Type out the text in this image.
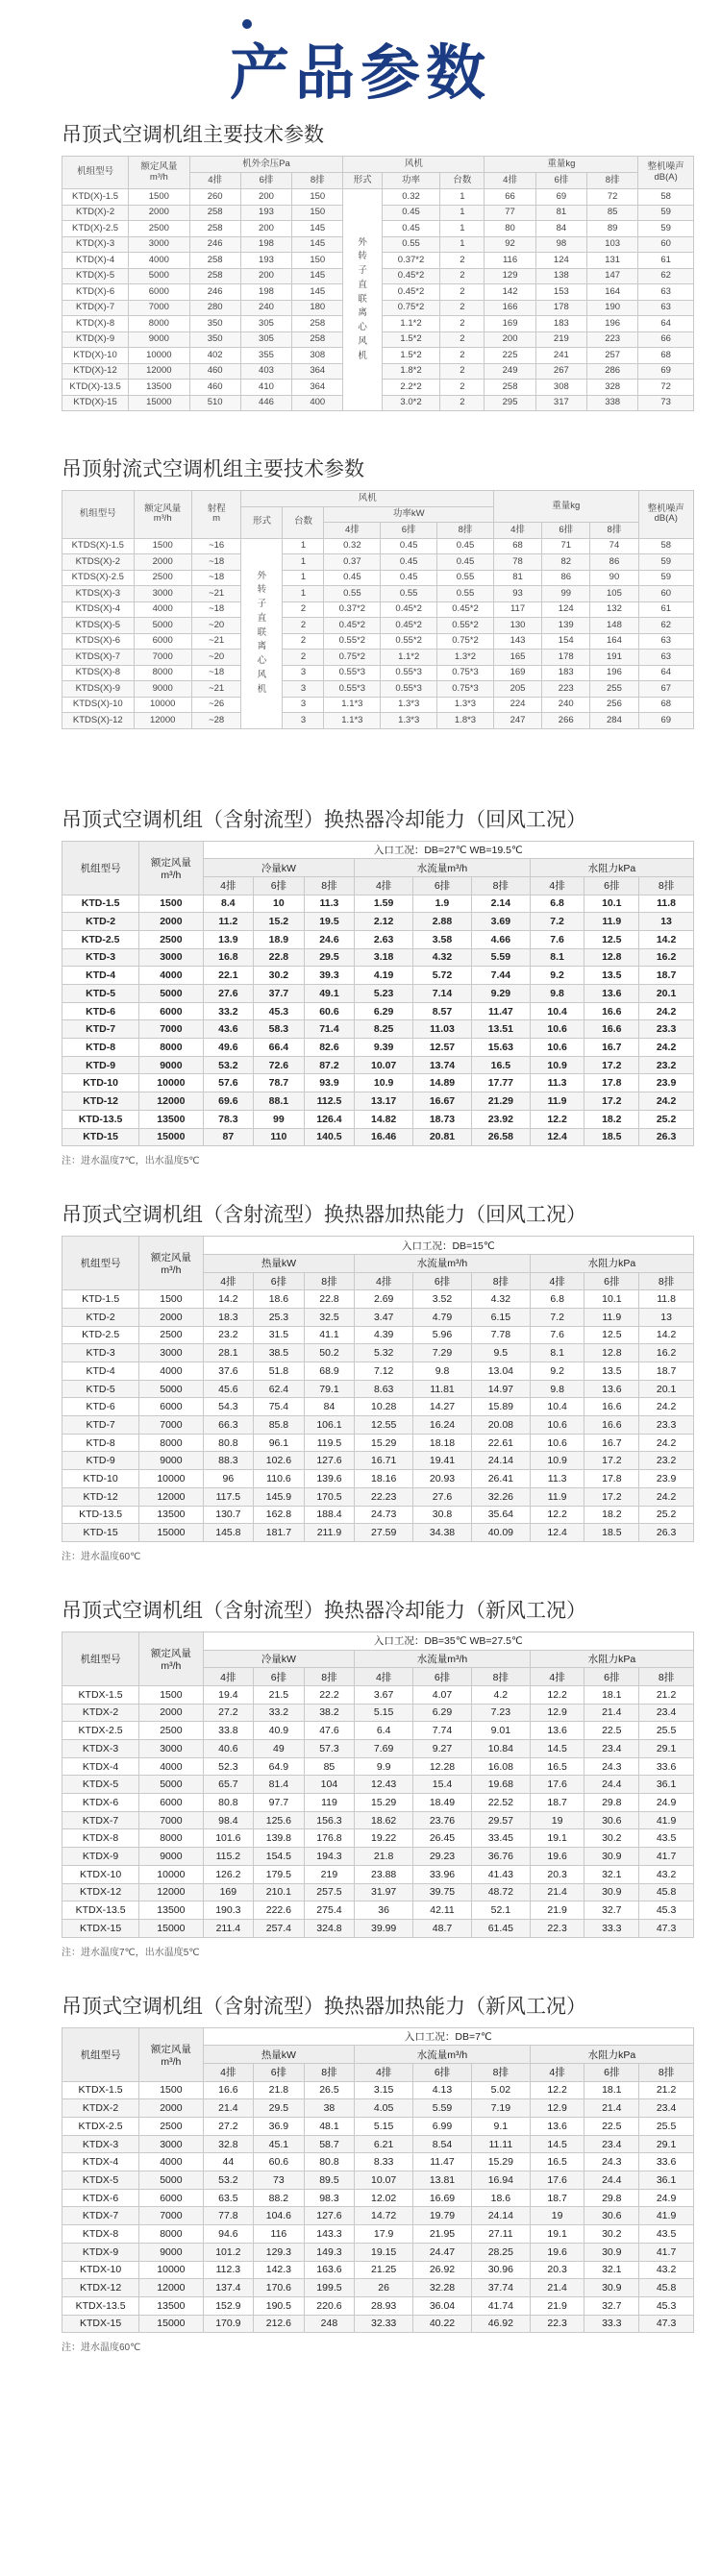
产品参数
吊顶式空调机组主要技术参数
机组型号	额定风量
m³/h	机外余压Pa			风机			重量kg			整机噪声
dB(A)
		4排	6排	8排	形式	功率	台数	4排	6排	8排	
KTD(X)-1.5	1500	260	200	150	外转子直联离心风机	0.32	1	66	69	72	58
KTD(X)-2	2000	258	193	150		0.45	1	77	81	85	59
KTD(X)-2.5	2500	258	200	145		0.45	1	80	84	89	59
KTD(X)-3	3000	246	198	145		0.55	1	92	98	103	60
KTD(X)-4	4000	258	193	150		0.37*2	2	116	124	131	61
KTD(X)-5	5000	258	200	145		0.45*2	2	129	138	147	62
KTD(X)-6	6000	246	198	145		0.45*2	2	142	153	164	63
KTD(X)-7	7000	280	240	180		0.75*2	2	166	178	190	63
KTD(X)-8	8000	350	305	258		1.1*2	2	169	183	196	64
KTD(X)-9	9000	350	305	258		1.5*2	2	200	219	223	66
KTD(X)-10	10000	402	355	308		1.5*2	2	225	241	257	68
KTD(X)-12	12000	460	403	364		1.8*2	2	249	267	286	69
KTD(X)-13.5	13500	460	410	364		2.2*2	2	258	308	328	72
KTD(X)-15	15000	510	446	400		3.0*2	2	295	317	338	73
吊顶射流式空调机组主要技术参数
机组型号	额定风量
m³/h	射程
m	风机					重量kg			整机噪声
dB(A)
			形式	台数	功率kW						
					4排	6排	8排	4排	6排	8排	
KTDS(X)-1.5	1500	~16	外转子直联离心风机	1	0.32	0.45	0.45	68	71	74	58
KTDS(X)-2	2000	~18		1	0.37	0.45	0.45	78	82	86	59
KTDS(X)-2.5	2500	~18		1	0.45	0.45	0.55	81	86	90	59
KTDS(X)-3	3000	~21		1	0.55	0.55	0.55	93	99	105	60
KTDS(X)-4	4000	~18		2	0.37*2	0.45*2	0.45*2	117	124	132	61
KTDS(X)-5	5000	~20		2	0.45*2	0.45*2	0.55*2	130	139	148	62
KTDS(X)-6	6000	~21		2	0.55*2	0.55*2	0.75*2	143	154	164	63
KTDS(X)-7	7000	~20		2	0.75*2	1.1*2	1.3*2	165	178	191	63
KTDS(X)-8	8000	~18		3	0.55*3	0.55*3	0.75*3	169	183	196	64
KTDS(X)-9	9000	~21		3	0.55*3	0.55*3	0.75*3	205	223	255	67
KTDS(X)-10	10000	~26		3	1.1*3	1.3*3	1.3*3	224	240	256	68
KTDS(X)-12	12000	~28		3	1.1*3	1.3*3	1.8*3	247	266	284	69
吊顶式空调机组（含射流型）换热器冷却能力（回风工况）
机组型号	额定风量
m³/h	入口工况：DB=27℃ WB=19.5℃								
		冷量kW			水流量m³/h			水阻力kPa		
		4排	6排	8排	4排	6排	8排	4排	6排	8排
KTD-1.5	1500	8.4	10	11.3	1.59	1.9	2.14	6.8	10.1	11.8
KTD-2	2000	11.2	15.2	19.5	2.12	2.88	3.69	7.2	11.9	13
KTD-2.5	2500	13.9	18.9	24.6	2.63	3.58	4.66	7.6	12.5	14.2
KTD-3	3000	16.8	22.8	29.5	3.18	4.32	5.59	8.1	12.8	16.2
KTD-4	4000	22.1	30.2	39.3	4.19	5.72	7.44	9.2	13.5	18.7
KTD-5	5000	27.6	37.7	49.1	5.23	7.14	9.29	9.8	13.6	20.1
KTD-6	6000	33.2	45.3	60.6	6.29	8.57	11.47	10.4	16.6	24.2
KTD-7	7000	43.6	58.3	71.4	8.25	11.03	13.51	10.6	16.6	23.3
KTD-8	8000	49.6	66.4	82.6	9.39	12.57	15.63	10.6	16.7	24.2
KTD-9	9000	53.2	72.6	87.2	10.07	13.74	16.5	10.9	17.2	23.2
KTD-10	10000	57.6	78.7	93.9	10.9	14.89	17.77	11.3	17.8	23.9
KTD-12	12000	69.6	88.1	112.5	13.17	16.67	21.29	11.9	17.2	24.2
KTD-13.5	13500	78.3	99	126.4	14.82	18.73	23.92	12.2	18.2	25.2
KTD-15	15000	87	110	140.5	16.46	20.81	26.58	12.4	18.5	26.3
注：进水温度7℃，出水温度5℃
吊顶式空调机组（含射流型）换热器加热能力（回风工况）
机组型号	额定风量
m³/h	入口工况：DB=15℃								
		热量kW			水流量m³/h			水阻力kPa		
		4排	6排	8排	4排	6排	8排	4排	6排	8排
KTD-1.5	1500	14.2	18.6	22.8	2.69	3.52	4.32	6.8	10.1	11.8
KTD-2	2000	18.3	25.3	32.5	3.47	4.79	6.15	7.2	11.9	13
KTD-2.5	2500	23.2	31.5	41.1	4.39	5.96	7.78	7.6	12.5	14.2
KTD-3	3000	28.1	38.5	50.2	5.32	7.29	9.5	8.1	12.8	16.2
KTD-4	4000	37.6	51.8	68.9	7.12	9.8	13.04	9.2	13.5	18.7
KTD-5	5000	45.6	62.4	79.1	8.63	11.81	14.97	9.8	13.6	20.1
KTD-6	6000	54.3	75.4	84	10.28	14.27	15.89	10.4	16.6	24.2
KTD-7	7000	66.3	85.8	106.1	12.55	16.24	20.08	10.6	16.6	23.3
KTD-8	8000	80.8	96.1	119.5	15.29	18.18	22.61	10.6	16.7	24.2
KTD-9	9000	88.3	102.6	127.6	16.71	19.41	24.14	10.9	17.2	23.2
KTD-10	10000	96	110.6	139.6	18.16	20.93	26.41	11.3	17.8	23.9
KTD-12	12000	117.5	145.9	170.5	22.23	27.6	32.26	11.9	17.2	24.2
KTD-13.5	13500	130.7	162.8	188.4	24.73	30.8	35.64	12.2	18.2	25.2
KTD-15	15000	145.8	181.7	211.9	27.59	34.38	40.09	12.4	18.5	26.3
注：进水温度60℃
吊顶式空调机组（含射流型）换热器冷却能力（新风工况）
机组型号	额定风量
m³/h	入口工况：DB=35℃ WB=27.5℃								
		冷量kW			水流量m³/h			水阻力kPa		
		4排	6排	8排	4排	6排	8排	4排	6排	8排
KTDX-1.5	1500	19.4	21.5	22.2	3.67	4.07	4.2	12.2	18.1	21.2
KTDX-2	2000	27.2	33.2	38.2	5.15	6.29	7.23	12.9	21.4	23.4
KTDX-2.5	2500	33.8	40.9	47.6	6.4	7.74	9.01	13.6	22.5	25.5
KTDX-3	3000	40.6	49	57.3	7.69	9.27	10.84	14.5	23.4	29.1
KTDX-4	4000	52.3	64.9	85	9.9	12.28	16.08	16.5	24.3	33.6
KTDX-5	5000	65.7	81.4	104	12.43	15.4	19.68	17.6	24.4	36.1
KTDX-6	6000	80.8	97.7	119	15.29	18.49	22.52	18.7	29.8	24.9
KTDX-7	7000	98.4	125.6	156.3	18.62	23.76	29.57	19	30.6	41.9
KTDX-8	8000	101.6	139.8	176.8	19.22	26.45	33.45	19.1	30.2	43.5
KTDX-9	9000	115.2	154.5	194.3	21.8	29.23	36.76	19.6	30.9	41.7
KTDX-10	10000	126.2	179.5	219	23.88	33.96	41.43	20.3	32.1	43.2
KTDX-12	12000	169	210.1	257.5	31.97	39.75	48.72	21.4	30.9	45.8
KTDX-13.5	13500	190.3	222.6	275.4	36	42.11	52.1	21.9	32.7	45.3
KTDX-15	15000	211.4	257.4	324.8	39.99	48.7	61.45	22.3	33.3	47.3
注：进水温度7℃，出水温度5℃
吊顶式空调机组（含射流型）换热器加热能力（新风工况）
机组型号	额定风量
m³/h	入口工况：DB=7℃								
		热量kW			水流量m³/h			水阻力kPa		
		4排	6排	8排	4排	6排	8排	4排	6排	8排
KTDX-1.5	1500	16.6	21.8	26.5	3.15	4.13	5.02	12.2	18.1	21.2
KTDX-2	2000	21.4	29.5	38	4.05	5.59	7.19	12.9	21.4	23.4
KTDX-2.5	2500	27.2	36.9	48.1	5.15	6.99	9.1	13.6	22.5	25.5
KTDX-3	3000	32.8	45.1	58.7	6.21	8.54	11.11	14.5	23.4	29.1
KTDX-4	4000	44	60.6	80.8	8.33	11.47	15.29	16.5	24.3	33.6
KTDX-5	5000	53.2	73	89.5	10.07	13.81	16.94	17.6	24.4	36.1
KTDX-6	6000	63.5	88.2	98.3	12.02	16.69	18.6	18.7	29.8	24.9
KTDX-7	7000	77.8	104.6	127.6	14.72	19.79	24.14	19	30.6	41.9
KTDX-8	8000	94.6	116	143.3	17.9	21.95	27.11	19.1	30.2	43.5
KTDX-9	9000	101.2	129.3	149.3	19.15	24.47	28.25	19.6	30.9	41.7
KTDX-10	10000	112.3	142.3	163.6	21.25	26.92	30.96	20.3	32.1	43.2
KTDX-12	12000	137.4	170.6	199.5	26	32.28	37.74	21.4	30.9	45.8
KTDX-13.5	13500	152.9	190.5	220.6	28.93	36.04	41.74	21.9	32.7	45.3
KTDX-15	15000	170.9	212.6	248	32.33	40.22	46.92	22.3	33.3	47.3
注：进水温度60℃
